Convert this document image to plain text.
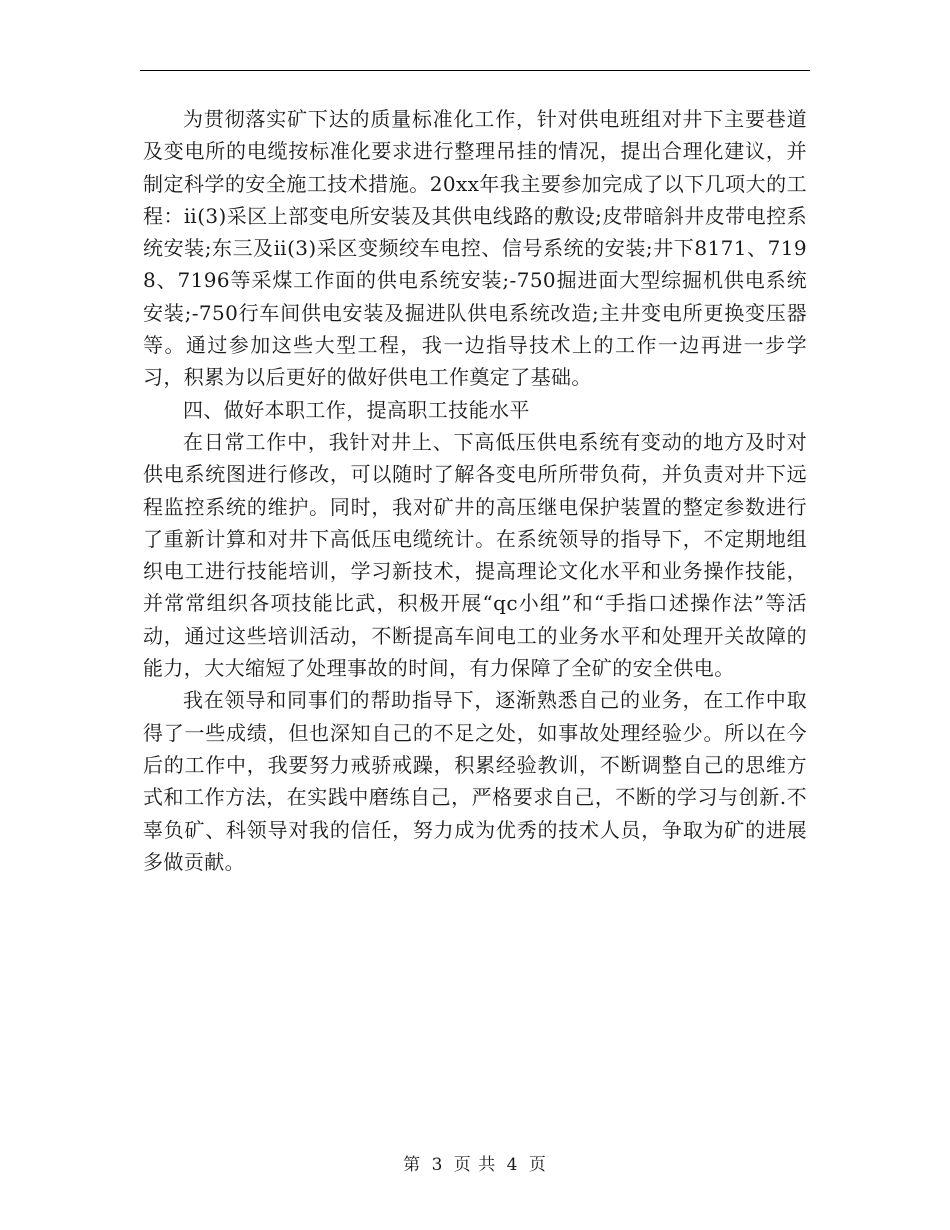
为贯彻落实矿下达的质量标准化工作，针对供电班组对井下主要巷道及变电所的电缆按标准化要求进行整理吊挂的情况，提出合理化建议，并制定科学的安全施工技术措施。20xx年我主要参加完成了以下几项大的工程：ⅱ(3)采区上部变电所安装及其供电线路的敷设;皮带暗斜井皮带电控系统安装;东三及ⅱ(3)采区变频绞车电控、信号系统的安装;井下8171、7198、7196等采煤工作面的供电系统安装;-750掘进面大型综掘机供电系统安装;-750行车间供电安装及掘进队供电系统改造;主井变电所更换变压器等。通过参加这些大型工程，我一边指导技术上的工作一边再进一步学习，积累为以后更好的做好供电工作奠定了基础。

四、做好本职工作，提高职工技能水平

在日常工作中，我针对井上、下高低压供电系统有变动的地方及时对供电系统图进行修改，可以随时了解各变电所所带负荷，并负责对井下远程监控系统的维护。同时，我对矿井的高压继电保护装置的整定参数进行了重新计算和对井下高低压电缆统计。在系统领导的指导下，不定期地组织电工进行技能培训，学习新技术，提高理论文化水平和业务操作技能，并常常组织各项技能比武，积极开展“qc小组”和“手指口述操作法”等活动，通过这些培训活动，不断提高车间电工的业务水平和处理开关故障的能力，大大缩短了处理事故的时间，有力保障了全矿的安全供电。

我在领导和同事们的帮助指导下，逐渐熟悉自己的业务，在工作中取得了一些成绩，但也深知自己的不足之处，如事故处理经验少。所以在今后的工作中，我要努力戒骄戒躁，积累经验教训，不断调整自己的思维方式和工作方法，在实践中磨练自己，严格要求自己，不断的学习与创新.不辜负矿、科领导对我的信任，努力成为优秀的技术人员，争取为矿的进展多做贡献。

第 3 页 共 4 页
